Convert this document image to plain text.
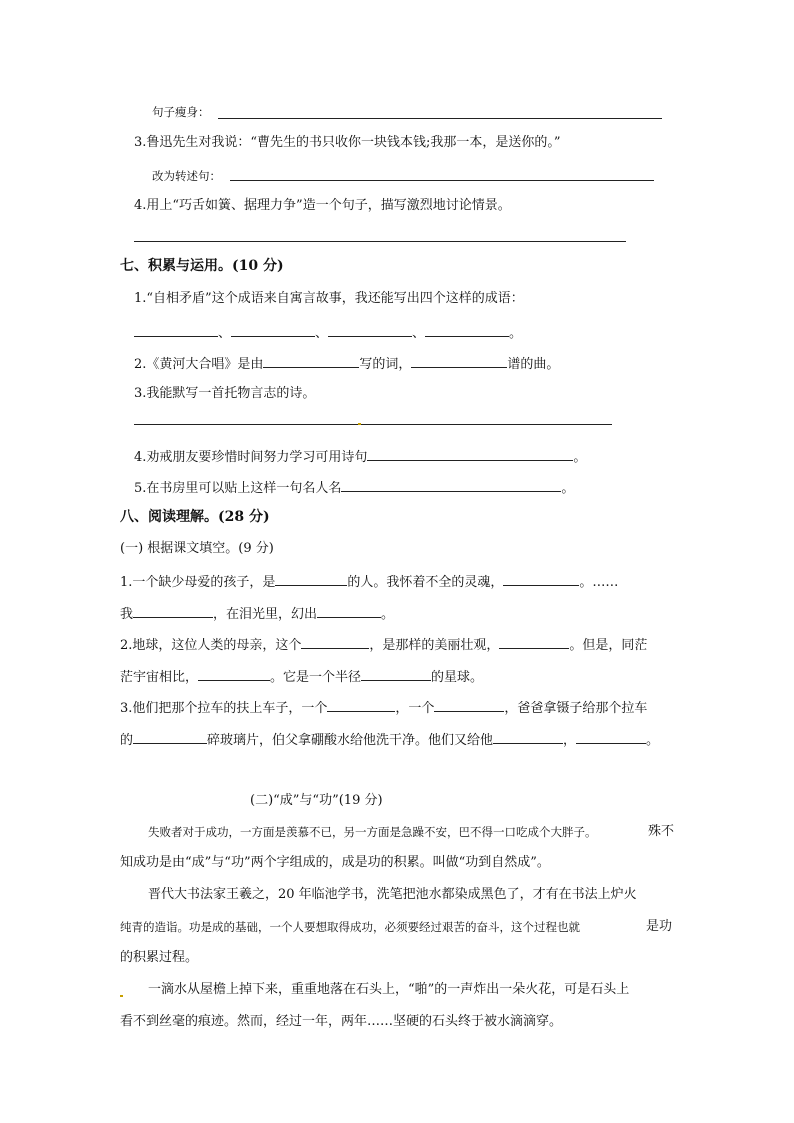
句子瘦身：
3.鲁迅先生对我说：“曹先生的书只收你一块钱本钱;我那一本，是送你的。”
改为转述句：
4.用上“巧舌如簧、据理力争”造一个句子，描写激烈地讨论情景。
七、积累与运用。(10 分)
1.“自相矛盾”这个成语来自寓言故事，我还能写出四个这样的成语：
、	、	、	。
2.《黄河大合唱》是由	写的词，	谱的曲。
3.我能默写一首托物言志的诗。
4.劝戒朋友要珍惜时间努力学习可用诗句	。
5.在书房里可以贴上这样一句名人名	。
八、阅读理解。(28 分)
(一) 根据课文填空。(9 分)
1.一个缺少母爱的孩子，是	的人。我怀着不全的灵魂，	。……
我	，在泪光里，幻出	。
2.地球，这位人类的母亲，这个	，是那样的美丽壮观，	。但是，同茫
茫宇宙相比，	。它是一个半径	的星球。
3.他们把那个拉车的扶上车子，一个	，一个	，爸爸拿镊子给那个拉车
的	碎玻璃片，伯父拿硼酸水给他洗干净。他们又给他	，	。
(二)“成”与“功”(19 分)
失败者对于成功，一方面是羡慕不已，另一方面是急躁不安，巴不得一口吃成个大胖子。	殊不
知成功是由“成”与“功”两个字组成的，成是功的积累。叫做“功到自然成”。
晋代大书法家王羲之，20 年临池学书，洗笔把池水都染成黑色了，才有在书法上炉火
纯青的造诣。功是成的基础，一个人要想取得成功，必须要经过艰苦的奋斗，这个过程也就	是功
的积累过程。
一滴水从屋檐上掉下来，重重地落在石头上，“啪”的一声炸出一朵火花，可是石头上
看不到丝毫的痕迹。然而，经过一年，两年……坚硬的石头终于被水滴滴穿。
